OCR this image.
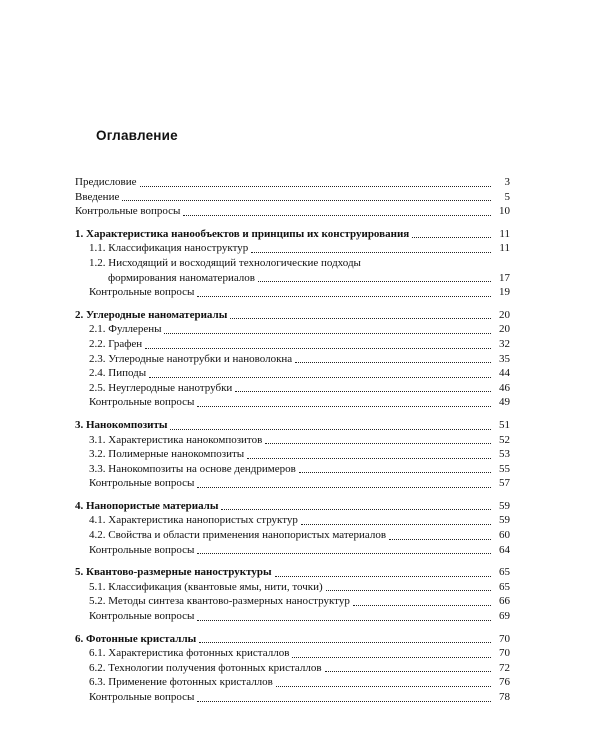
Оглавление
Предисловие	3
Введение	5
Контрольные вопросы	10
1. Характеристика нанообъектов и принципы их конструирования	11
1.1. Классификация наноструктур	11
1.2. Нисходящий и восходящий технологические подходы
формирования наноматериалов	17
Контрольные вопросы	19
2. Углеродные наноматериалы	20
2.1. Фуллерены	20
2.2. Графен	32
2.3. Углеродные нанотрубки и нановолокна	35
2.4. Пиподы	44
2.5. Неуглеродные нанотрубки	46
Контрольные вопросы	49
3. Нанокомпозиты	51
3.1. Характеристика нанокомпозитов	52
3.2. Полимерные нанокомпозиты	53
3.3. Нанокомпозиты на основе дендримеров	55
Контрольные вопросы	57
4. Нанопористые материалы	59
4.1. Характеристика нанопористых структур	59
4.2. Свойства и области применения нанопористых материалов	60
Контрольные вопросы	64
5. Квантово-размерные наноструктуры	65
5.1. Классификация (квантовые ямы, нити, точки)	65
5.2. Методы синтеза квантово-размерных наноструктур	66
Контрольные вопросы	69
6. Фотонные кристаллы	70
6.1. Характеристика фотонных кристаллов	70
6.2. Технологии получения фотонных кристаллов	72
6.3. Применение фотонных кристаллов	76
Контрольные вопросы	78
